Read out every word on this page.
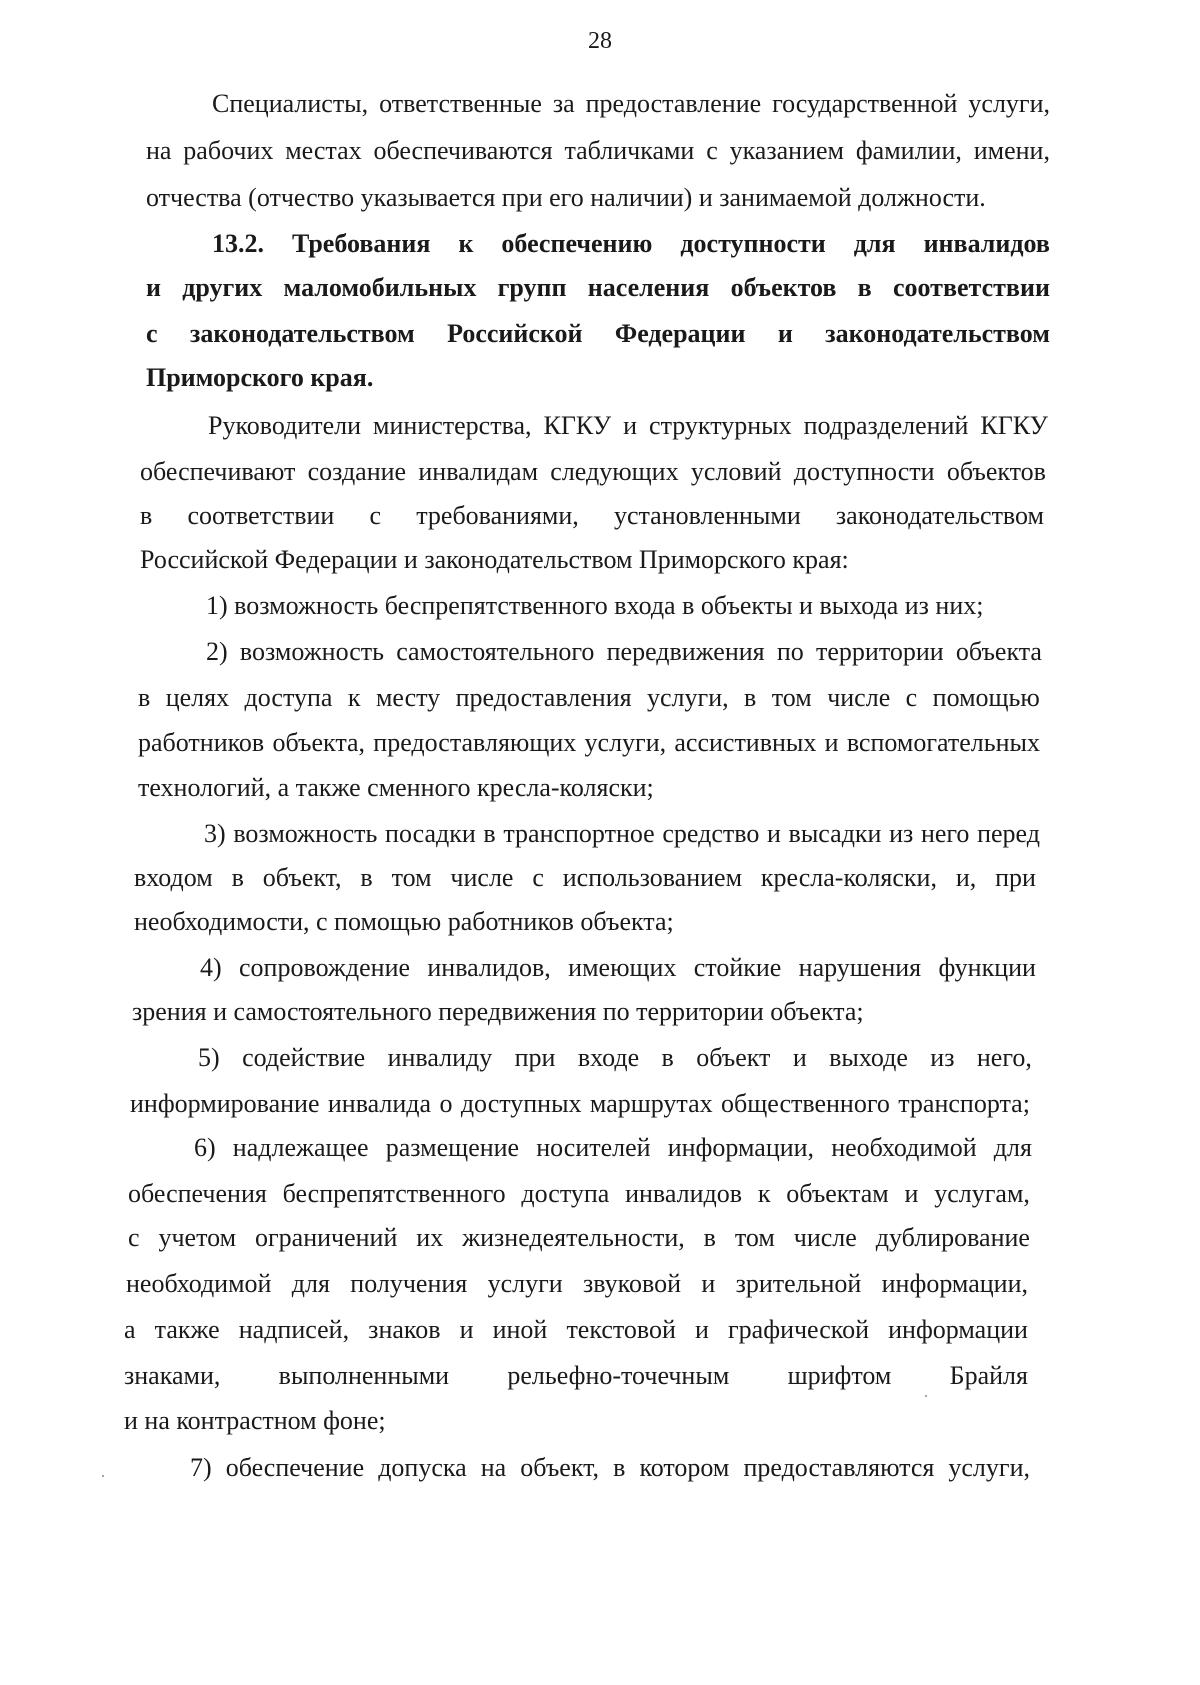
28
Специалисты, ответственные за предоставление государственной услуги,
на рабочих местах обеспечиваются табличками с указанием фамилии, имени,
отчества (отчество указывается при его наличии) и занимаемой должности.
13.2. Требования к обеспечению доступности для инвалидов
и других маломобильных групп населения объектов в соответствии
с законодательством Российской Федерации и законодательством
Приморского края.
Руководители министерства, КГКУ и структурных подразделений КГКУ
обеспечивают создание инвалидам следующих условий доступности объектов
в соответствии с требованиями, установленными законодательством
Российской Федерации и законодательством Приморского края:
1) возможность беспрепятственного входа в объекты и выхода из них;
2) возможность самостоятельного передвижения по территории объекта
в целях доступа к месту предоставления услуги, в том числе с помощью
работников объекта, предоставляющих услуги, ассистивных и вспомогательных
технологий, а также сменного кресла-коляски;
3) возможность посадки в транспортное средство и высадки из него перед
входом в объект, в том числе с использованием кресла-коляски, и, при
необходимости, с помощью работников объекта;
4) сопровождение инвалидов, имеющих стойкие нарушения функции
зрения и самостоятельного передвижения по территории объекта;
5) содействие инвалиду при входе в объект и выходе из него,
информирование инвалида о доступных маршрутах общественного транспорта;
6) надлежащее размещение носителей информации, необходимой для
обеспечения беспрепятственного доступа инвалидов к объектам и услугам,
с учетом ограничений их жизнедеятельности, в том числе дублирование
необходимой для получения услуги звуковой и зрительной информации,
а также надписей, знаков и иной текстовой и графической информации
знаками, выполненными рельефно-точечным шрифтом Брайля
и на контрастном фоне;
7) обеспечение допуска на объект, в котором предоставляются услуги,
